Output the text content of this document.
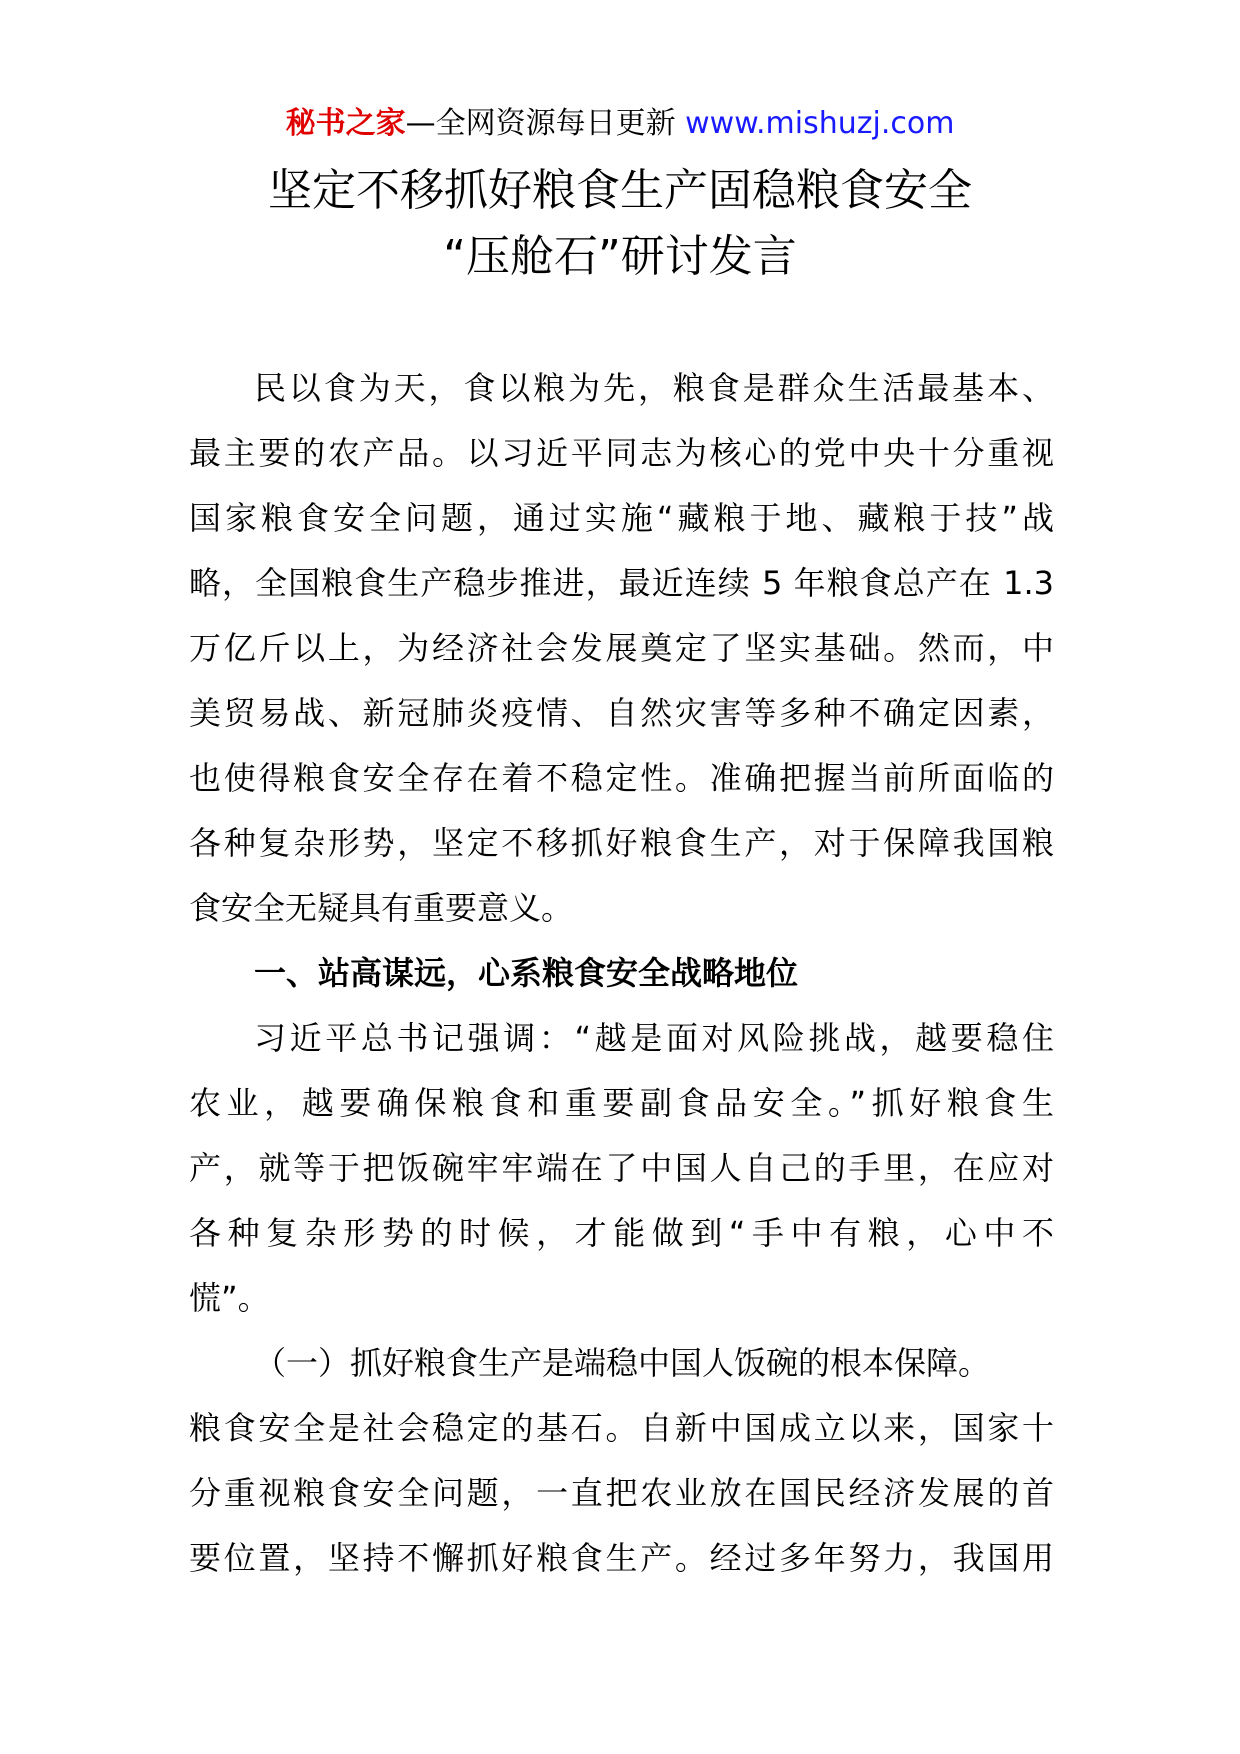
秘书之家—全网资源每日更新 www.mishuzj.com
坚定不移抓好粮食生产固稳粮食安全
“压舱石”研讨发言
民以食为天，食以粮为先，粮食是群众生活最基本、
最主要的农产品。以习近平同志为核心的党中央十分重视
国家粮食安全问题，通过实施“藏粮于地、藏粮于技”战
略，全国粮食生产稳步推进，最近连续 5 年粮食总产在 1.3
万亿斤以上，为经济社会发展奠定了坚实基础。然而，中
美贸易战、新冠肺炎疫情、自然灾害等多种不确定因素，
也使得粮食安全存在着不稳定性。准确把握当前所面临的
各种复杂形势，坚定不移抓好粮食生产，对于保障我国粮
食安全无疑具有重要意义。
一、站高谋远，心系粮食安全战略地位
习近平总书记强调：“越是面对风险挑战，越要稳住
农业，越要确保粮食和重要副食品安全。”抓好粮食生
产，就等于把饭碗牢牢端在了中国人自己的手里，在应对
各种复杂形势的时候，才能做到“手中有粮，心中不
慌”。
（一）抓好粮食生产是端稳中国人饭碗的根本保障。
粮食安全是社会稳定的基石。自新中国成立以来，国家十
分重视粮食安全问题，一直把农业放在国民经济发展的首
要位置，坚持不懈抓好粮食生产。经过多年努力，我国用
